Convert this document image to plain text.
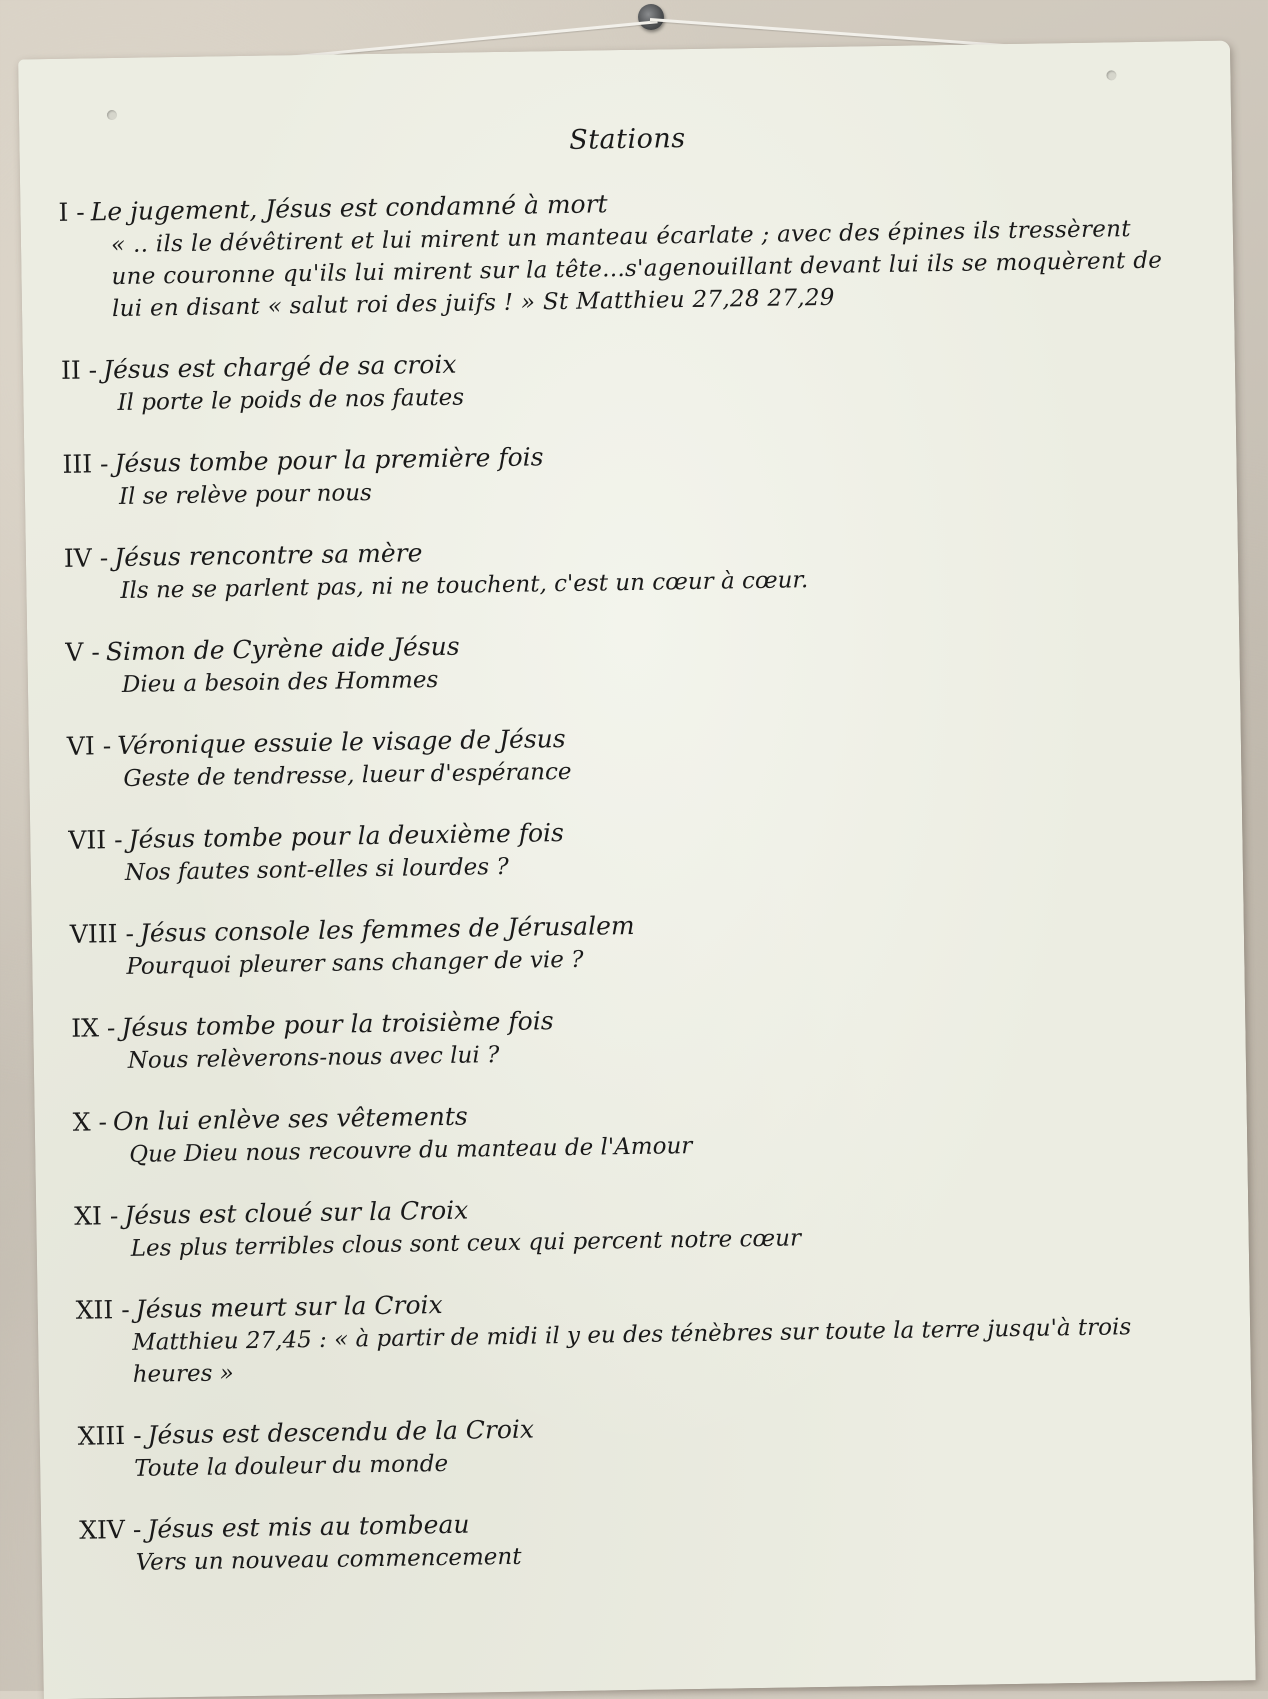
Stations
I - Le jugement, Jésus est condamné à mort
« .. ils le dévêtirent et lui mirent un manteau écarlate ; avec des épines ils tressèrent une couronne qu'ils lui mirent sur la tête...s'agenouillant devant lui ils se moquèrent de lui en disant « salut roi des juifs ! » St Matthieu 27,28 27,29
II - Jésus est chargé de sa croix
Il porte le poids de nos fautes
III - Jésus tombe pour la première fois
Il se relève pour nous
IV - Jésus rencontre sa mère
Ils ne se parlent pas, ni ne touchent, c'est un cœur à cœur.
V - Simon de Cyrène aide Jésus
Dieu a besoin des Hommes
VI - Véronique essuie le visage de Jésus
Geste de tendresse, lueur d'espérance
VII - Jésus tombe pour la deuxième fois
Nos fautes sont-elles si lourdes ?
VIII - Jésus console les femmes de Jérusalem
Pourquoi pleurer sans changer de vie ?
IX - Jésus tombe pour la troisième fois
Nous relèverons-nous avec lui ?
X - On lui enlève ses vêtements
Que Dieu nous recouvre du manteau de l'Amour
XI - Jésus est cloué sur la Croix
Les plus terribles clous sont ceux qui percent notre cœur
XII - Jésus meurt sur la Croix
Matthieu 27,45 : « à partir de midi il y eu des ténèbres sur toute la terre jusqu'à trois heures »
XIII - Jésus est descendu de la Croix
Toute la douleur du monde
XIV - Jésus est mis au tombeau
Vers un nouveau commencement
